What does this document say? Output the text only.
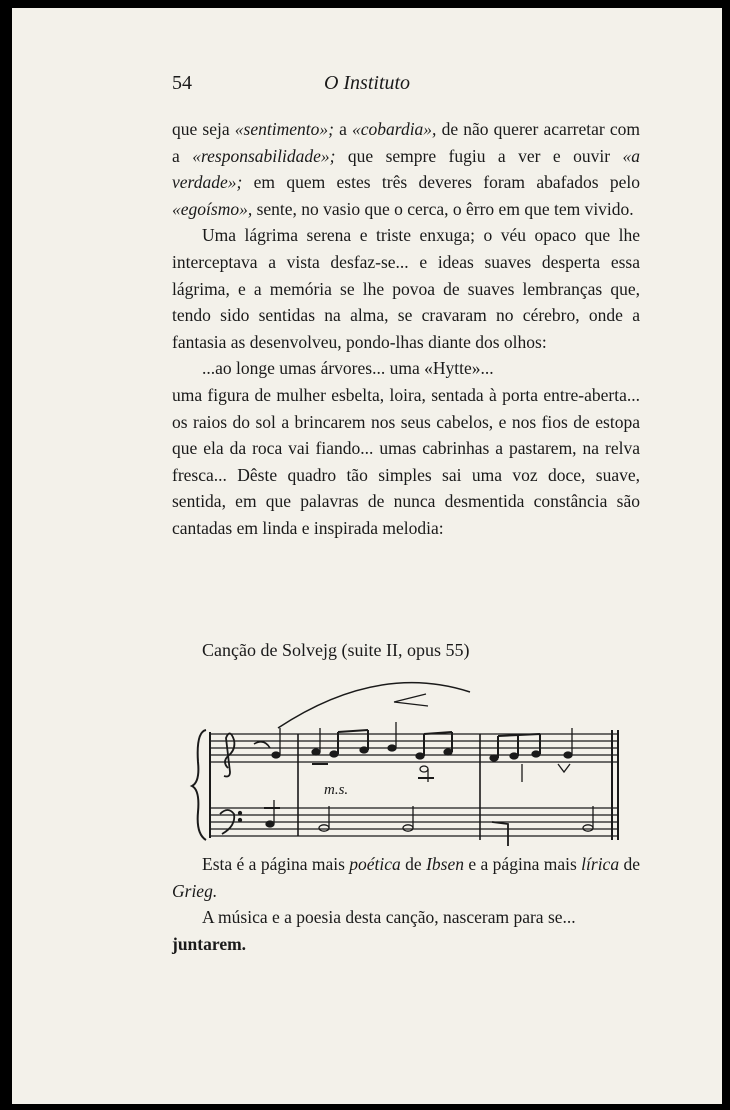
54	O Instituto

que seja «sentimento»; a «cobardia», de não querer acarretar com a «responsabilidade»; que sempre fugiu a ver e ouvir «a verdade»; em quem estes três deveres foram abafados pelo «egoísmo», sente, no vasio que o cerca, o êrro em que tem vivido.

Uma lágrima serena e triste enxuga; o véu opaco que lhe interceptava a vista desfaz-se... e ideas suaves desperta essa lágrima, e a memória se lhe povoa de suaves lembranças que, tendo sido sentidas na alma, se cravaram no cérebro, onde a fantasia as desenvolveu, pondo-lhas diante dos olhos:

...ao longe umas árvores... uma «Hytte»...

uma figura de mulher esbelta, loira, sentada à porta entre-aberta... os raios do sol a brincarem nos seus cabelos, e nos fios de estopa que ela da roca vai fiando... umas cabrinhas a pastarem, na relva fresca... Dêste quadro tão simples sai uma voz doce, suave, sentida, em que palavras de nunca desmentida constância são cantadas em linda e inspirada melodia:

Canção de Solvejg (suite II, opus 55)
m.s.

Esta é a página mais poética de Ibsen e a página mais lírica de Grieg.

A música e a poesia desta canção, nasceram para se...
juntarem.
